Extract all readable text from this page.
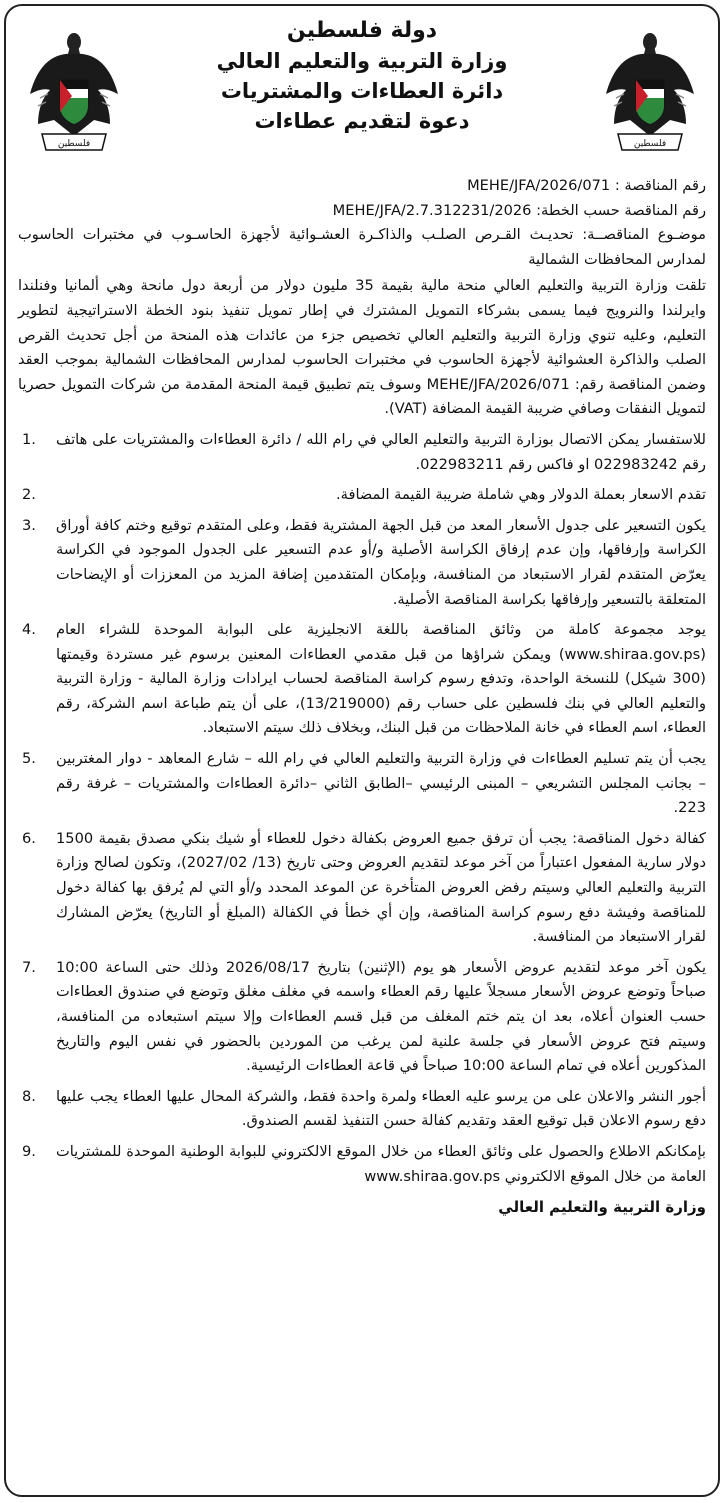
فلسطين	فلسطين
دولة فلسطين
وزارة التربية والتعليم العالي
دائرة العطاءات والمشتريات
دعوة لتقديم عطاءات
رقم المناقصة : MEHE/JFA/2026/071
رقم المناقصة حسب الخطة: MEHE/JFA/2.7.312231/2026
موضـوع المناقصــة: تحديـث القـرص الصلـب والذاكـرة العشـوائية لأجهزة الحاسـوب في مختبرات الحاسوب لمدارس المحافظات الشمالية
تلقت وزارة التربية والتعليم العالي منحة مالية بقيمة 35 مليون دولار من أربعة دول مانحة وهي ألمانيا وفنلندا وايرلندا والنرويج فيما يسمى بشركاء التمويل المشترك في إطار تمويل تنفيذ بنود الخطة الاستراتيجية لتطوير التعليم، وعليه تنوي وزارة التربية والتعليم العالي تخصيص جزء من عائدات هذه المنحة من أجل تحديث القرص الصلب والذاكرة العشوائية لأجهزة الحاسوب في مختبرات الحاسوب لمدارس المحافظات الشمالية بموجب العقد وضمن المناقصة رقم: MEHE/JFA/2026/071 وسوف يتم تطبيق قيمة المنحة المقدمة من شركات التمويل حصريا لتمويل النفقات وصافي ضريبة القيمة المضافة (VAT).
1. للاستفسار يمكن الاتصال بوزارة التربية والتعليم العالي في رام الله / دائرة العطاءات والمشتريات على هاتف رقم 022983242 او فاكس رقم 022983211.
2.	تقدم الاسعار بعملة الدولار وهي شاملة ضريبة القيمة المضافة.
3. يكون التسعير على جدول الأسعار المعد من قبل الجهة المشترية فقط، وعلى المتقدم توقيع وختم كافة أوراق الكراسة وإرفاقها، وإن عدم إرفاق الكراسة الأصلية و/أو عدم التسعير على الجدول الموجود في الكراسة يعرّض المتقدم لقرار الاستبعاد من المنافسة، وبإمكان المتقدمين إضافة المزيد من المعززات أو الإيضاحات المتعلقة بالتسعير وإرفاقها بكراسة المناقصة الأصلية.
4. يوجد مجموعة كاملة من وثائق المناقصة باللغة الانجليزية على البوابة الموحدة للشراء العام (www.shiraa.gov.ps) ويمكن شراؤها من قبل مقدمي العطاءات المعنين برسوم غير مستردة وقيمتها (300 شيكل) للنسخة الواحدة، وتدفع رسوم كراسة المناقصة لحساب ايرادات وزارة المالية - وزارة التربية والتعليم العالي في بنك فلسطين على حساب رقم (13/219000)، على أن يتم طباعة اسم الشركة، رقم العطاء، اسم العطاء في خانة الملاحظات من قبل البنك، وبخلاف ذلك سيتم الاستبعاد.
5. يجب أن يتم تسليم العطاءات في وزارة التربية والتعليم العالي في رام الله – شارع المعاهد - دوار المغتربين – بجانب المجلس التشريعي – المبنى الرئيسي –الطابق الثاني –دائرة العطاءات والمشتريات – غرفة رقم 223.
6. كفالة دخول المناقصة: يجب أن ترفق جميع العروض بكفالة دخول للعطاء أو شيك بنكي مصدق بقيمة 1500 دولار سارية المفعول اعتباراً من آخر موعد لتقديم العروض وحتى تاريخ (13/ 2027/02)، وتكون لصالح وزارة التربية والتعليم العالي وسيتم رفض العروض المتأخرة عن الموعد المحدد و/أو التي لم يُرفق بها كفالة دخول للمناقصة وفيشة دفع رسوم كراسة المناقصة، وإن أي خطأ في الكفالة (المبلغ أو التاريخ) يعرّض المشارك لقرار الاستبعاد من المنافسة.
7. يكون آخر موعد لتقديم عروض الأسعار هو يوم (الإثنين) بتاريخ 2026/08/17 وذلك حتى الساعة 10:00 صباحاً وتوضع عروض الأسعار مسجلاً عليها رقم العطاء واسمه في مغلف مغلق وتوضع في صندوق العطاءات حسب العنوان أعلاه، بعد ان يتم ختم المغلف من قبل قسم العطاءات وإلا سيتم استبعاده من المنافسة، وسيتم فتح عروض الأسعار في جلسة علنية لمن يرغب من الموردين بالحضور في نفس اليوم والتاريخ المذكورين أعلاه في تمام الساعة 10:00 صباحاً في قاعة العطاءات الرئيسية.
8. أجور النشر والاعلان على من يرسو عليه العطاء ولمرة واحدة فقط، والشركة المحال عليها العطاء يجب عليها دفع رسوم الاعلان قبل توقيع العقد وتقديم كفالة حسن التنفيذ لقسم الصندوق.
9. بإمكانكم الاطلاع والحصول على وثائق العطاء من خلال الموقع الالكتروني للبوابة الوطنية الموحدة للمشتريات العامة من خلال الموقع الالكتروني www.shiraa.gov.ps
وزارة التربية والتعليم العالي
